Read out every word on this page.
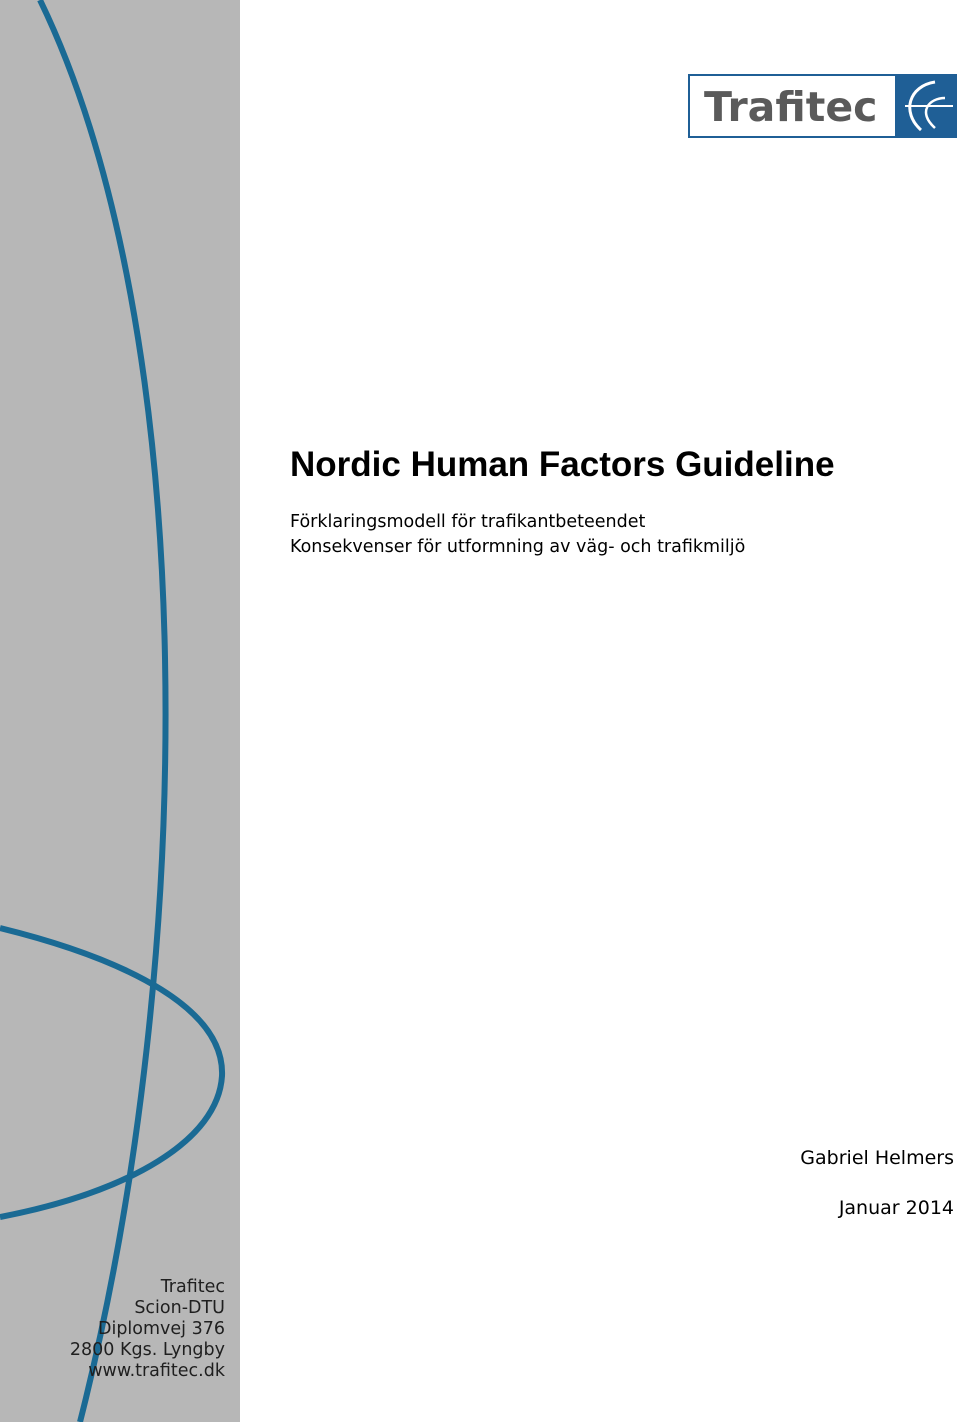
Trafitec
Nordic Human Factors Guideline
Förklaringsmodell för trafikantbeteendet
Konsekvenser för utformning av väg- och trafikmiljö
Gabriel Helmers
Januar 2014
Trafitec
Scion-DTU
Diplomvej 376
2800 Kgs. Lyngby
www.trafitec.dk
